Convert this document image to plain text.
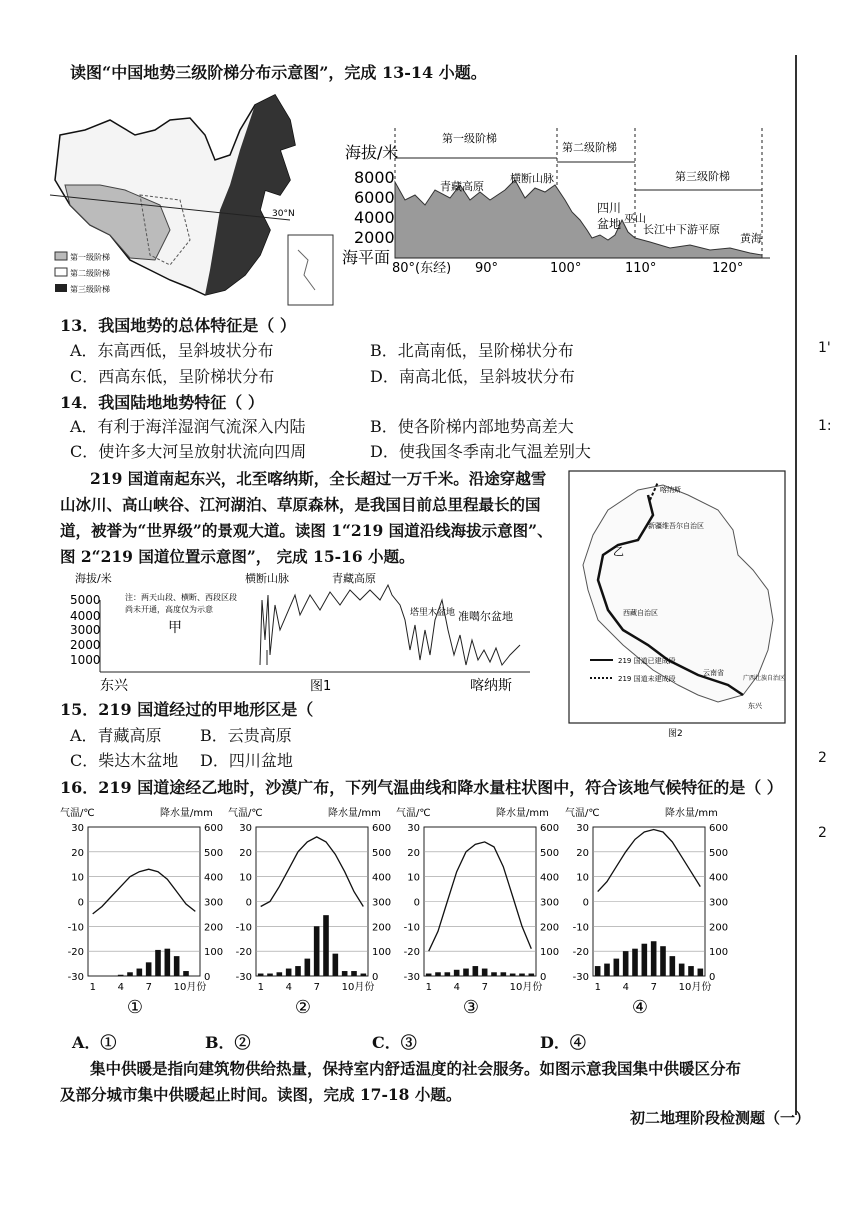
读图“中国地势三级阶梯分布示意图”，完成 13-14 小题。
1'
1:
2
2
30°N
第一级阶梯
第二级阶梯
第三级阶梯
海拔/米
8000
6000
4000
2000
海平面
第一级阶梯
第二级阶梯
第三级阶梯
青藏高原
横断山脉
四川
盆地 巫山
长江中下游平原
黄海
80°(东经) 90°	100°	110°	120°
13．我国地势的总体特征是（ ）
A．东高西低，呈斜坡状分布	B．北高南低，呈阶梯状分布
C．西高东低，呈阶梯状分布	D．南高北低，呈斜坡状分布
14．我国陆地地势特征（ ）
A．有利于海洋湿润气流深入内陆	B．使各阶梯内部地势高差大
C．使许多大河呈放射状流向四周	D．使我国冬季南北气温差别大
219 国道南起东兴，北至喀纳斯，全长超过一万千米。沿途穿越雪
山冰川、高山峡谷、江河湖泊、草原森林，是我国目前总里程最长的国
道，被誉为“世界级”的景观大道。读图 1“219 国道沿线海拔示意图”、
图 2“219 国道位置示意图”， 完成 15-16 小题。
海拔/米
5000
4000
3000
2000
1000
注：两天山段、横断、西段区段
尚未开通，高度仅为示意
甲
横断山脉	青藏高原
塔里木盆地 准噶尔盆地
东兴	图1	喀纳斯
喀纳斯
新疆维吾尔自治区
乙
西藏自治区
云南省
广西壮族自治区
东兴
219 国道已建成段
219 国道未建成段
图2
15．219 国道经过的甲地形区是（
A．青藏高原 B．云贵高原
C．柴达木盆地 D．四川盆地
16．219 国道途经乙地时，沙漠广布，下列气温曲线和降水量柱状图中，符合该地气候特征的是（ ）
气温/℃	降水量/mm
30	600
20	500
10	400
0	300
-10	200
-20	100
-30	0
1 4 7 10月份
①
气温/℃	降水量/mm
30	600
20	500
10	400
0	300
-10	200
-20	100
-30	0
1 4 7 10月份
②
气温/℃	降水量/mm
30	600
20	500
10	400
0	300
-10	200
-20	100
-30	0
1 4 7 10月份
③
气温/℃	降水量/mm
30	600
20	500
10	400
0	300
-10	200
-20	100
-30	0
1 4 7 10月份
④
A．①	B．②	C．③	D．④
集中供暖是指向建筑物供给热量，保持室内舒适温度的社会服务。如图示意我国集中供暖区分布
及部分城市集中供暖起止时间。读图，完成 17-18 小题。
初二地理阶段检测题（一）
